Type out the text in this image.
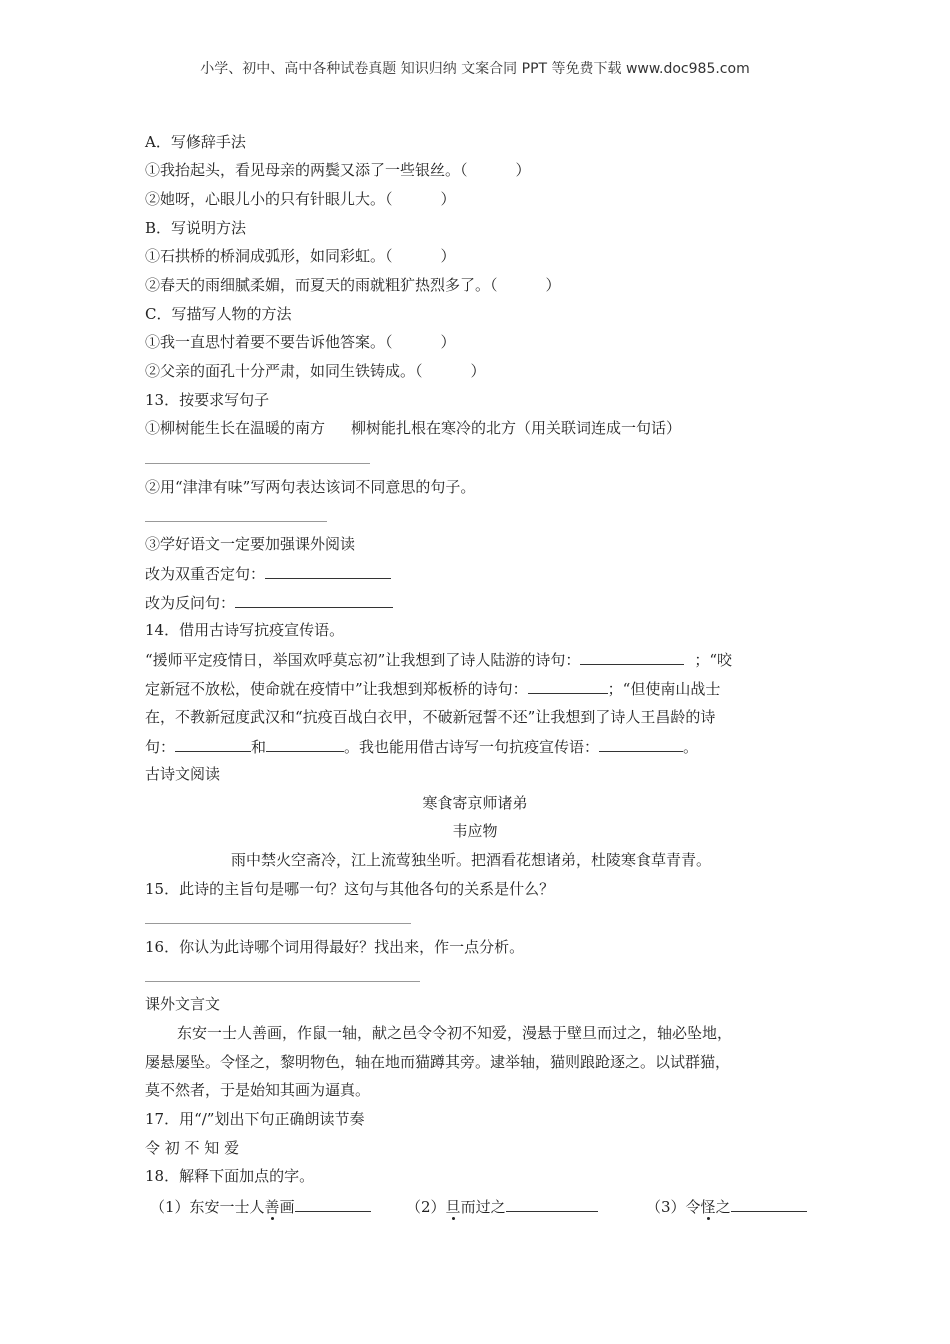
小学、初中、高中各种试卷真题 知识归纳 文案合同 PPT 等免费下载 www.doc985.com
A．写修辞手法
①我抬起头，看见母亲的两鬓又添了一些银丝。（	）
②她呀，心眼儿小的只有针眼儿大。（	）
B．写说明方法
①石拱桥的桥洞成弧形，如同彩虹。（	）
②春天的雨细腻柔媚，而夏天的雨就粗犷热烈多了。（	）
C．写描写人物的方法
①我一直思忖着要不要告诉他答案。（	）
②父亲的面孔十分严肃，如同生铁铸成。（	）
13．按要求写句子
①柳树能生长在温暖的南方 柳树能扎根在寒冷的北方（用关联词连成一句话）
②用“津津有味”写两句表达该词不同意思的句子。
③学好语文一定要加强课外阅读
改为双重否定句：
改为反问句：
14．借用古诗写抗疫宣传语。
“援师平定疫情日，举国欢呼莫忘初”让我想到了诗人陆游的诗句：	；“咬
定新冠不放松，使命就在疫情中”让我想到郑板桥的诗句：	；“但使南山战士
在，不教新冠度武汉和“抗疫百战白衣甲，不破新冠誓不还”让我想到了诗人王昌龄的诗
句：	和	。我也能用借古诗写一句抗疫宣传语：	。
古诗文阅读
寒食寄京师诸弟
韦应物
雨中禁火空斋冷，江上流莺独坐听。把酒看花想诸弟，杜陵寒食草青青。
15．此诗的主旨句是哪一句？这句与其他各句的关系是什么？
16．你认为此诗哪个词用得最好？找出来，作一点分析。
课外文言文
东安一士人善画，作鼠一轴，献之邑令令初不知爱，漫悬于壁旦而过之，轴必坠地，
屡悬屡坠。令怪之，黎明物色，轴在地而猫蹲其旁。逮举轴，猫则踉跄逐之。以试群猫，
莫不然者，于是始知其画为逼真。
17．用“/”划出下句正确朗读节奏
令 初 不 知 爱
18．解释下面加点的字。
（1）东安一士人善画	（2）旦而过之	（3）令怪之
